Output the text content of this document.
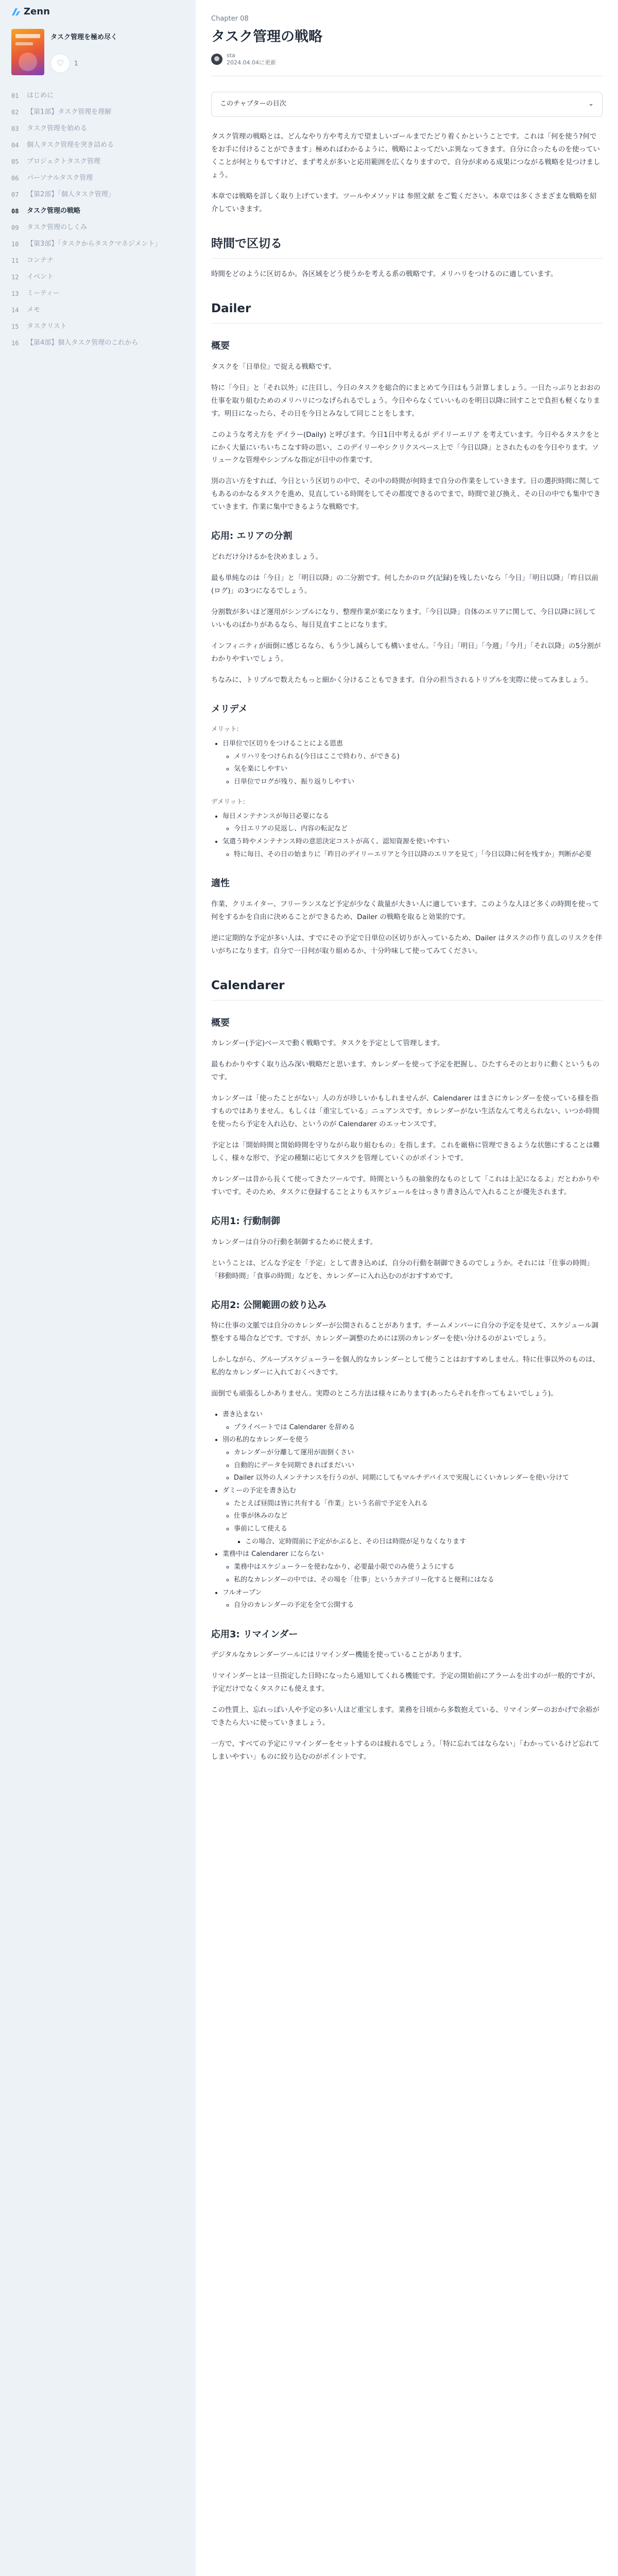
Zenn
タスク管理を極め尽く
♡ 1
01	はじめに
02	【第1部】タスク管理を理解
03	タスク管理を始める
04	個人タスク管理を突き詰める
05	プロジェクトタスク管理
06	パーソナルタスク管理
07	【第2部】「個人タスク管理」
08	タスク管理の戦略
09	タスク管理のしくみ
10	【第3部】「タスクからタスクマネジメント」
11	コンテナ
12	イベント
13	ミーティー
14	メモ
15	タスクリスト
16	【第4部】個人タスク管理のこれから
Chapter 08
タスク管理の戦略
sta
2024.04.04に更新
このチャプターの目次	⌄

タスク管理の戦略とは、どんなやり方や考え方で望ましいゴールまでたどり着くかということです。これは「何を使う?何でをお手に付けることができます」極めればわかるように、戦略によってだいぶ異なってきます。自分に合ったものを使っていくことが何とりもですけど、まず考えが多いと応用範囲を広くなりますので、自分が求める成果につながる戦略を見つけましょう。

本章では戦略を詳しく取り上げています。ツールやメソッドは 参照文献 をご覧ください。本章では多くさまざまな戦略を紹介していきます。

時間で区切る

時間をどのように区切るか。各区域をどう使うかを考える系の戦略です。メリハリをつけるのに適しています。

Dailer
概要

タスクを「日単位」で捉える戦略です。

特に「今日」と「それ以外」に注目し、今日のタスクを総合的にまとめて今日はもう計算しましょう。一日たっぷりとおおの仕事を取り組むためのメリハリにつなげられるでしょう。今日やらなくていいものを明日以降に回すことで負担も軽くなります。明日になったら、その日を今日とみなして同じことをします。

このような考え方を デイラー(Daily) と呼びます。今日1日中考えるが デイリーエリア を考えています。今日やるタスクをとにかく大量にいちいちこなす時の思い、このデイリーやシクリクスペース上で「今日以降」とされたものを今日やります。ソリュークな管理やシンプルな指定が日中の作業です。

別の言い方をすれば、今日という区切りの中で、その中の時間が何時まで自分の作業をしていきます。日の選択時間に関してもあるのかなるタスクを進め、見直している時間をしてその都度できるのでまで、時間で並び換え、その日の中でも集中できていきます。作業に集中できるような戦略です。

応用: エリアの分割

どれだけ分けるかを決めましょう。

最も単純なのは「今日」と「明日以降」の二分割です。何したかのログ(記録)を残したいなら「今日」「明日以降」「昨日以前(ログ)」の3つになるでしょう。

分割数が多いほど運用がシンプルになり、整理作業が楽になります。「今日以降」自体のエリアに関して、今日以降に回していいものばかりがあるなら、毎日見直すことになります。

インフィニティが面倒に感じるなら、もう少し減らしても構いません。「今日」「明日」「今週」「今月」「それ以降」の5分割がわかりやすいでしょう。

ちなみに、トリプルで数えたもっと細かく分けることもできます。自分の担当されるトリプルを実際に使ってみましょう。

メリデメ
メリット:
• 日単位で区切りをつけることによる恩恵
◦ メリハリをつけられる(今日はここで終わり、ができる)
◦ 気を楽にしやすい
◦ 日単位でログが残り、振り返りしやすい
デメリット:
• 毎日メンテナンスが毎日必要になる
◦ 今日エリアの見返し、内容の転記など
• 気遣う時やメンテナンス時の意思決定コストが高く、認知資源を使いやすい
◦ 特に毎日、その日の始まりに「昨日のデイリーエリアと今日以降のエリアを見て」「今日以降に何を残すか」判断が必要
適性

作業、クリエイター、フリーランスなど予定が少なく裁量が大きい人に適しています。このような人ほど多くの時間を使って何をするかを自由に決めることができるため、Dailer の戦略を取ると効果的です。

逆に定期的な予定が多い人は、すでにその予定で日単位の区切りが入っているため、Dailer はタスクの作り直しのリスクを伴いがちになります。自分で一日何が取り組めるか、十分吟味して使ってみてください。

Calendarer
概要

カレンダー(予定)ベースで動く戦略です。タスクを予定として管理します。

最もわかりやすく取り込み深い戦略だと思います。カレンダーを使って予定を把握し、ひたすらそのとおりに動くというものです。

カレンダーは「使ったことがない」人の方が珍しいかもしれませんが、Calendarer はまさにカレンダーを使っている様を指すものではありません。もしくは「重宝している」ニュアンスです。カレンダーがない生活なんて考えられない、いつか時間を使ったら予定を入れ込む、というのが Calendarer のエッセンスです。

予定とは「開始時間と開始時間を守りながら取り組むもの」を指します。これを厳格に管理できるような状態にすることは難しく、様々な形で、予定の種類に応じてタスクを管理していくのがポイントです。

カレンダーは昔から長くて使ってきたツールです。時間というもの抽象的なものとして「これは上記になるよ」だとわかりやすいです。そのため、タスクに登録することよりもスケジュールをはっきり書き込んで入れることが優先されます。

応用1: 行動制御

カレンダーは自分の行動を制御するために使えます。

ということは、どんな予定を「予定」として書き込めば、自分の行動を制御できるのでしょうか。それには「仕事の時間」「移動時間」「食事の時間」などを、カレンダーに入れ込むのがおすすめです。

応用2: 公開範囲の絞り込み

特に仕事の文脈では自分のカレンダーが公開されることがあります。チームメンバーに自分の予定を見せて、スケジュール調整をする場合などです。ですが、カレンダー調整のためには別のカレンダーを使い分けるのがよいでしょう。

しかしながら、グループスケジューラーを個人的なカレンダーとして使うことはおすすめしません。特に仕事以外のものは、私的なカレンダーに入れておくべきです。

面倒でも頑張るしかありません。実際のところ方法は様々にあります(あったらそれを作ってもよいでしょう)。

• 書き込まない
◦ プライベートでは Calendarer を辞める
• 別の私的なカレンダーを使う
◦ カレンダーが分離して運用が面倒くさい
◦ 自動的にデータを同期できればまだいい
◦ Dailer 以外の人メンテナンスを行うのが、同期にしてもマルチデバイスで実現しにくいカレンダーを使い分けて
• ダミーの予定を書き込む
◦ たとえば昼間は皆に共有する「作業」という名前で予定を入れる
◦ 仕事が休みのなど
◦ 事前にして使える
▪ この場合、定時間前に予定がかぶると、その日は時間が足りなくなります
• 業務中は Calendarer にならない
◦ 業務中はスケジューラーを使わなかり、必要最小限でのみ使うようにする
◦ 私的なカレンダーの中では、その場を「仕事」というカテゴリー化すると便利にはなる
• フルオープン
◦ 自分のカレンダーの予定を全て公開する
応用3: リマインダー

デジタルなカレンダーツールにはリマインダー機能を使っていることがあります。

リマインダーとは一旦指定した日時になったら通知してくれる機能です。予定の開始前にアラームを出すのが一般的ですが、予定だけでなくタスクにも使えます。

この性質上、忘れっぽい人や予定の多い人ほど重宝します。業務を日頃から多数抱えている、リマインダーのおかげで余裕ができたら大いに使っていきましょう。

一方で、すべての予定にリマインダーをセットするのは疲れるでしょう。「特に忘れてはならない」「わかっているけど忘れてしまいやすい」ものに絞り込むのがポイントです。
